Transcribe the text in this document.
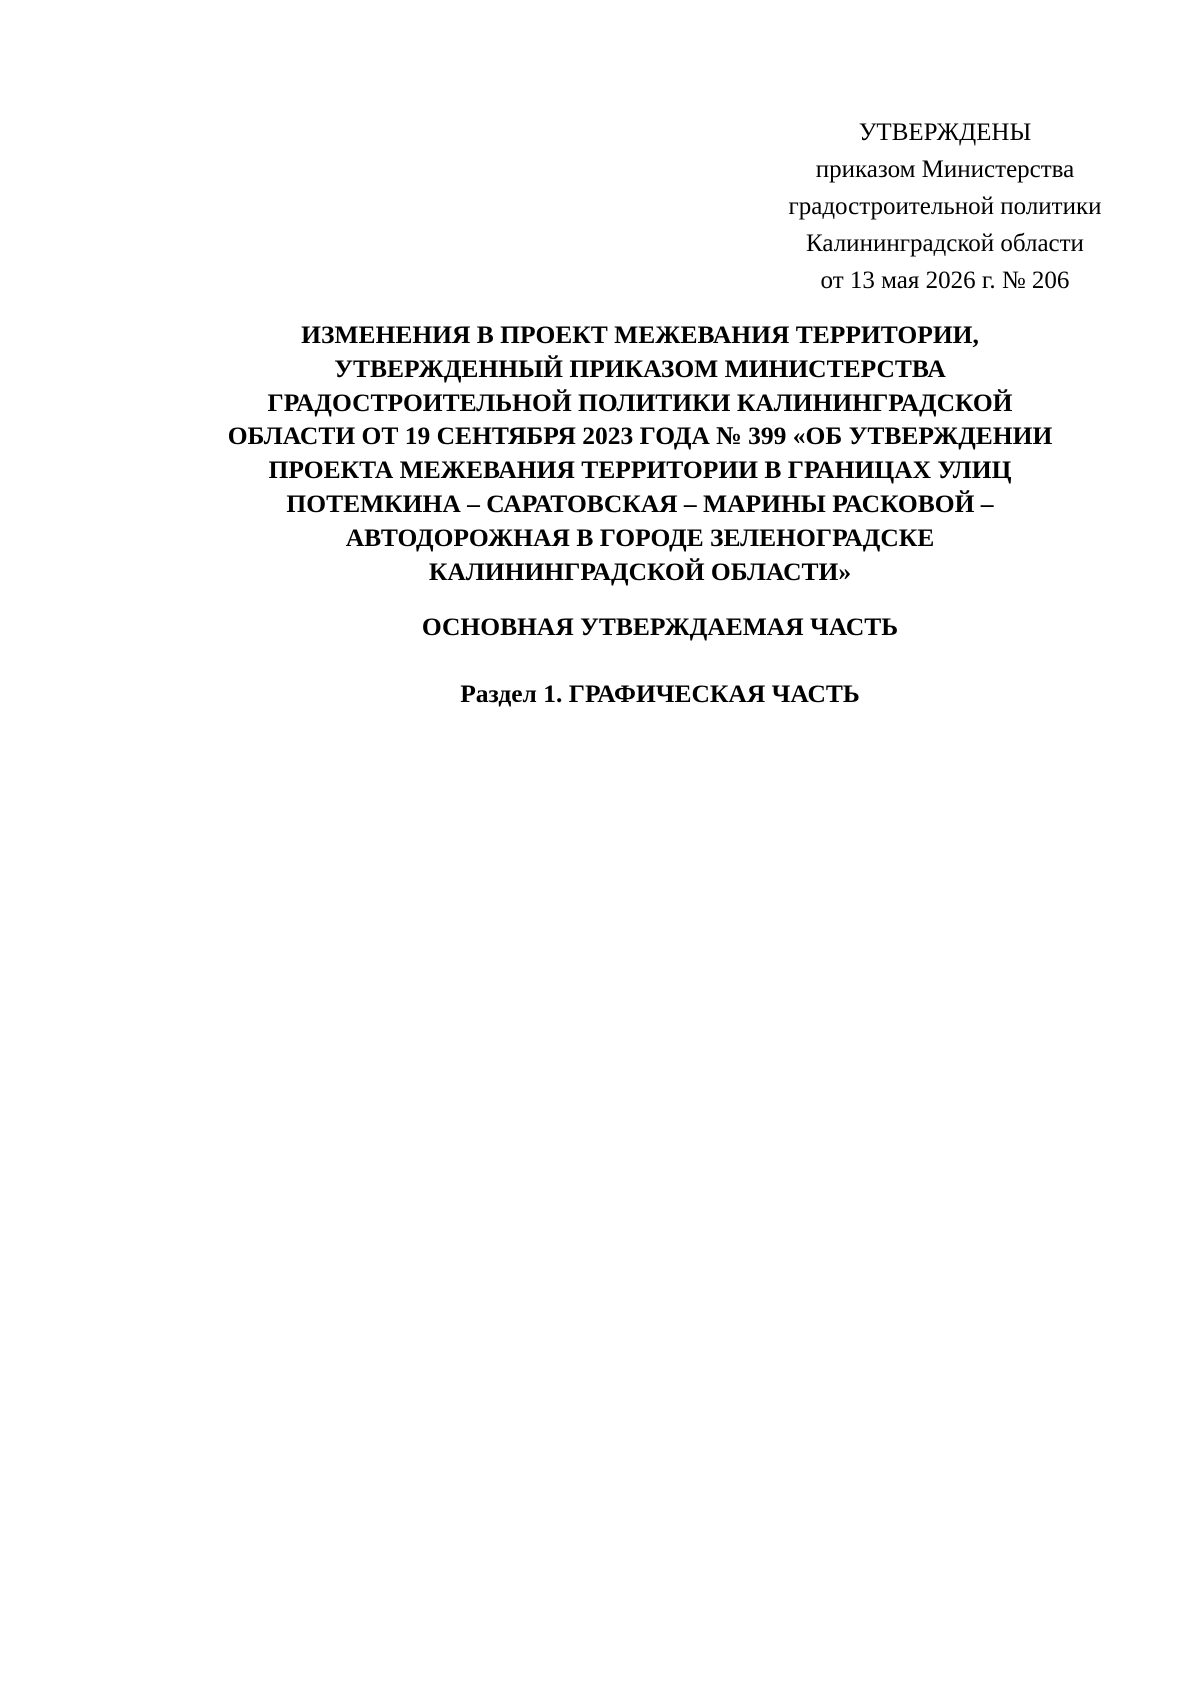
УТВЕРЖДЕНЫ
приказом Министерства
градостроительной политики
Калининградской области
от 13 мая 2026 г. № 206
ИЗМЕНЕНИЯ В ПРОЕКТ МЕЖЕВАНИЯ ТЕРРИТОРИИ,
УТВЕРЖДЕННЫЙ ПРИКАЗОМ МИНИСТЕРСТВА
ГРАДОСТРОИТЕЛЬНОЙ ПОЛИТИКИ КАЛИНИНГРАДСКОЙ
ОБЛАСТИ ОТ 19 СЕНТЯБРЯ 2023 ГОДА № 399 «ОБ УТВЕРЖДЕНИИ
ПРОЕКТА МЕЖЕВАНИЯ ТЕРРИТОРИИ В ГРАНИЦАХ УЛИЦ
ПОТЕМКИНА – САРАТОВСКАЯ – МАРИНЫ РАСКОВОЙ –
АВТОДОРОЖНАЯ В ГОРОДЕ ЗЕЛЕНОГРАДСКЕ
КАЛИНИНГРАДСКОЙ ОБЛАСТИ»
ОСНОВНАЯ УТВЕРЖДАЕМАЯ ЧАСТЬ
Раздел 1. ГРАФИЧЕСКАЯ ЧАСТЬ
